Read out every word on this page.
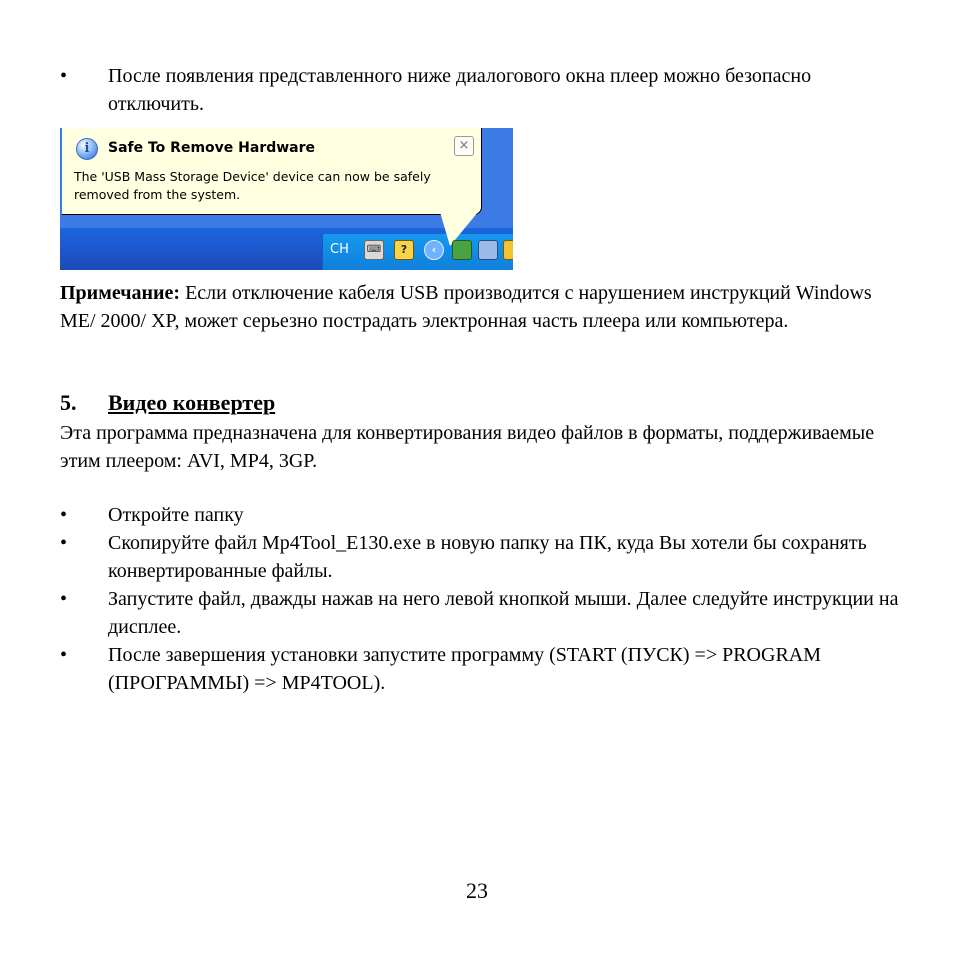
•	После появления представленного ниже диалогового окна плеер можно безопасно отключить.
i	Safe To Remove Hardware	×
The 'USB Mass Storage Device' device can now be safely removed from the system.
CH ⌨	?	‹
Примечание: Если отключение кабеля USB производится с нарушением инструкций Windows ME/ 2000/ XP, может серьезно пострадать электронная часть плеера или компьютера.
5. Видео конвертер
Эта программа предназначена для конвертирования видео файлов в форматы, поддерживаемые этим плеером: AVI, MP4, 3GP.
•	Откройте папку
•	Скопируйте файл Mp4Tool_E130.exe в новую папку на ПК, куда Вы хотели бы сохранять конвертированные файлы.
•	Запустите файл, дважды нажав на него левой кнопкой мыши. Далее следуйте инструкции на дисплее.
•	После завершения установки запустите программу (START (ПУСК) => PROGRAM (ПРОГРАММЫ) => MP4TOOL).
23
